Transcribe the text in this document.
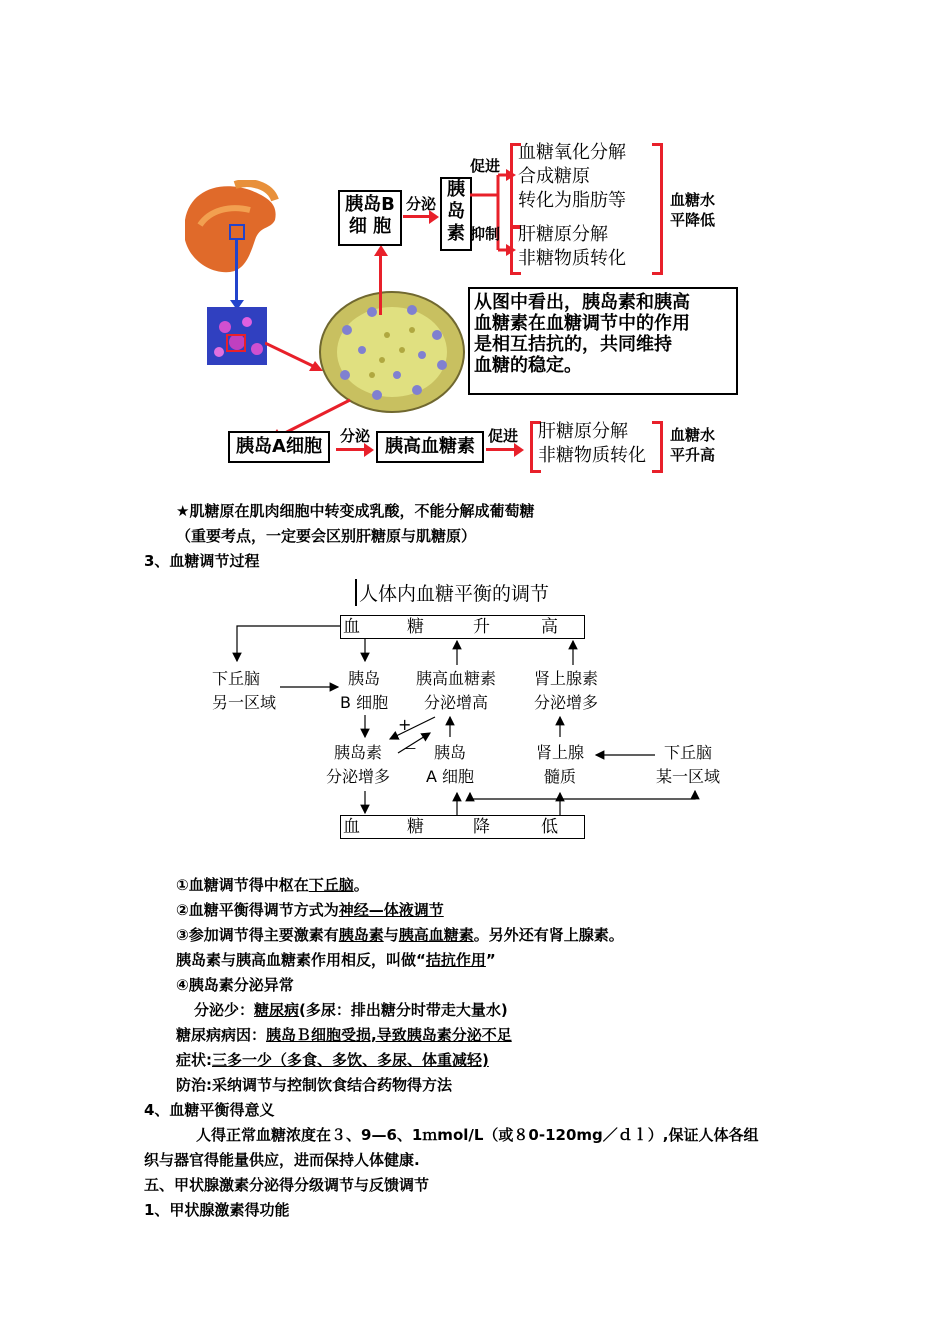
胰岛B
细 胞
分泌
胰
岛
素
促进
抑制
血糖氧化分解
合成糖原
转化为脂肪等
肝糖原分解
非糖物质转化
血糖水
平降低
从图中看出，胰岛素和胰高
血糖素在血糖调节中的作用
是相互拮抗的，共同维持
血糖的稳定。
胰岛A细胞	分泌 胰高血糖素 促进 肝糖原分解
非糖物质转化
血糖水
平升高
★肌糖原在肌肉细胞中转变成乳酸，不能分解成葡萄糖
（重要考点，一定要会区别肝糖原与肌糖原）
3、血糖调节过程
人体内血糖平衡的调节
血	糖	升	高
血	糖	降	低
下丘脑
另一区域
胰岛
B 细胞
胰高血糖素
分泌增高
肾上腺素
分泌增多
胰岛素
分泌增多
+
—	胰岛
A 细胞
肾上腺
髓质
下丘脑
某一区域
①血糖调节得中枢在下丘脑。
②血糖平衡得调节方式为神经—体液调节
③参加调节得主要激素有胰岛素与胰高血糖素。另外还有肾上腺素。
胰岛素与胰高血糖素作用相反，叫做“拮抗作用”
④胰岛素分泌异常
分泌少：糖尿病(多尿：排出糖分时带走大量水)
糖尿病病因：胰岛Ｂ细胞受损,导致胰岛素分泌不足
症状:三多一少（多食、多饮、多尿、体重减轻)
防治:采纳调节与控制饮食结合药物得方法
4、血糖平衡得意义
人得正常血糖浓度在３、9—6、1ｍmol/L（或８0-120mg／ｄｌ）,保证人体各组
织与器官得能量供应，进而保持人体健康.
五、甲状腺激素分泌得分级调节与反馈调节
1、甲状腺激素得功能
